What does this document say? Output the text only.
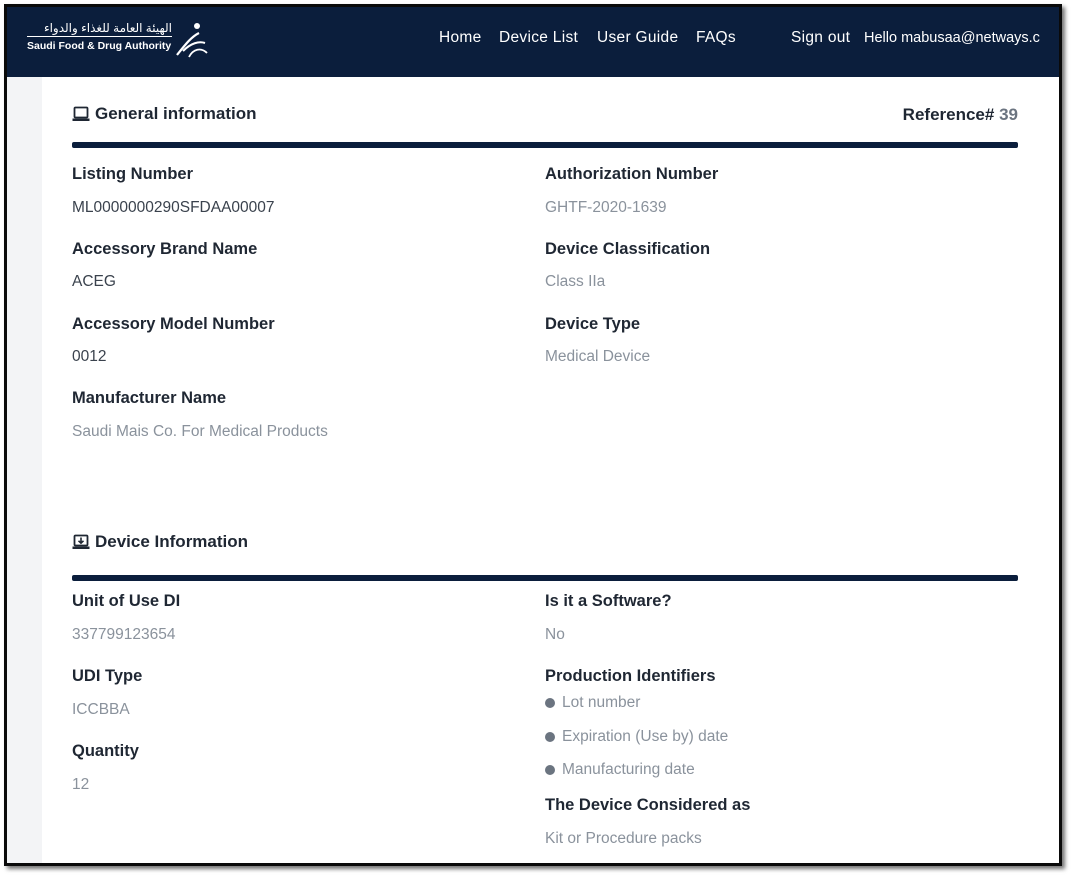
الهيئة العامة للغذاء والدواء
Saudi Food & Drug Authority	Home Device List User Guide FAQs	Sign out Hello mabusaa@netways.c
General information	Reference# 39
Listing Number
ML0000000290SFDAA00007
Authorization Number
GHTF-2020-1639
Accessory Brand Name
ACEG
Device Classification
Class IIa
Accessory Model Number
0012
Device Type
Medical Device
Manufacturer Name
Saudi Mais Co. For Medical Products
Device Information
Unit of Use DI
337799123654
Is it a Software?
No
UDI Type
ICCBBA
Production Identifiers
Lot number
Expiration (Use by) date
Manufacturing date
Quantity
12
The Device Considered as
Kit or Procedure packs
